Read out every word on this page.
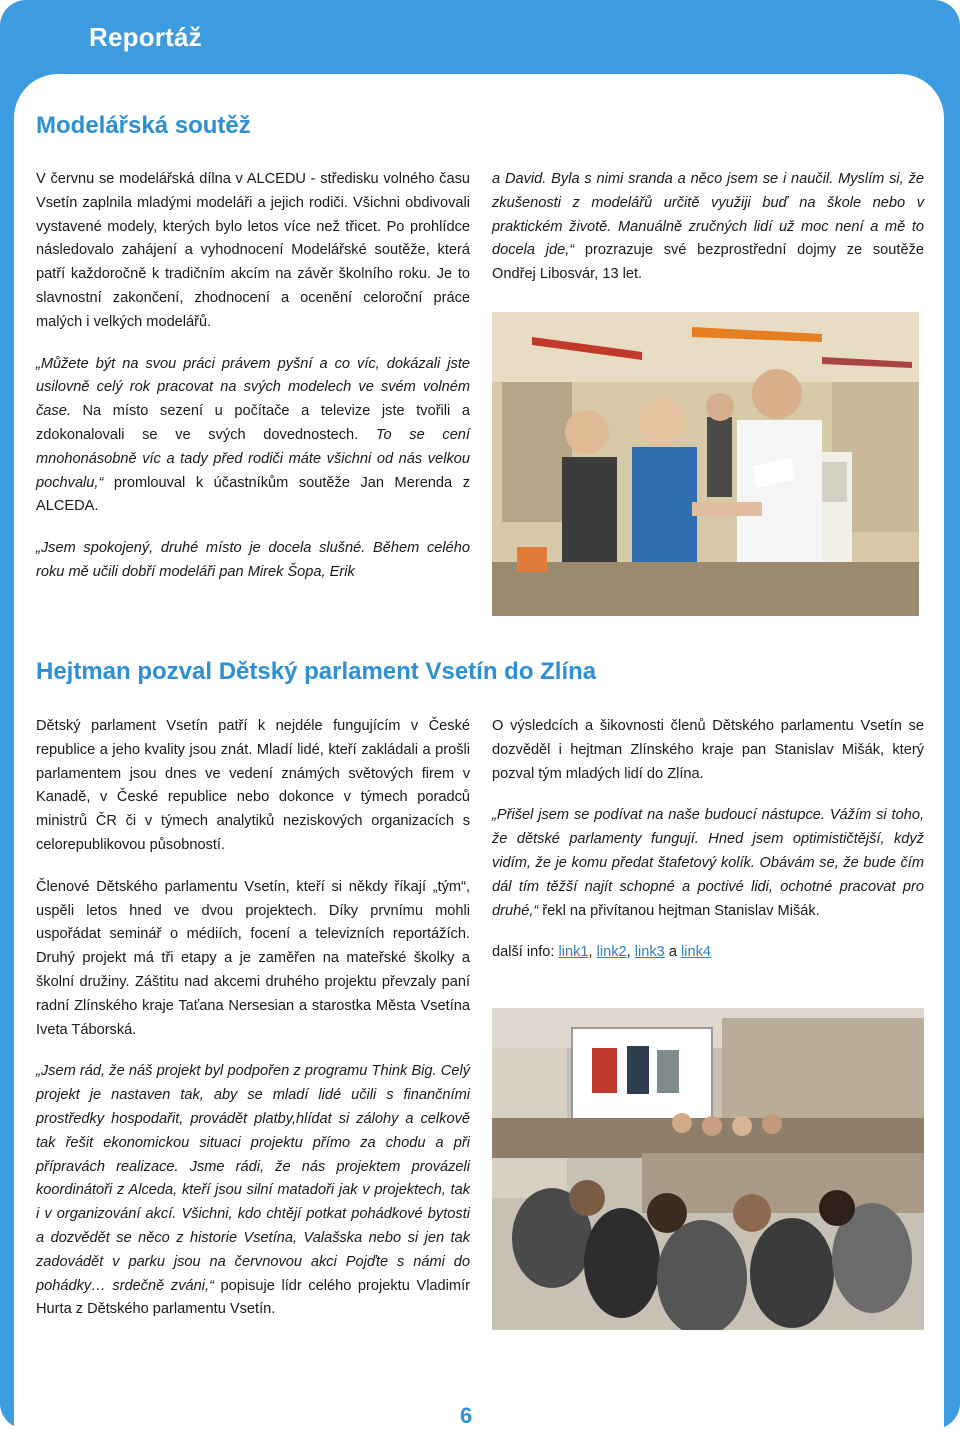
Reportáž
Modelářská soutěž

V červnu se modelářská dílna v ALCEDU - středisku volného času Vsetín zaplnila mladými modeláři a jejich rodiči. Všichni obdivovali vystavené modely, kterých bylo letos více než třicet. Po prohlídce následovalo zahájení a vyhodnocení Modelářské soutěže, která patří každoročně k tradičním akcím na závěr školního roku. Je to slavnostní zakončení, zhodnocení a ocenění celoroční práce malých i velkých modelářů.

„Můžete být na svou práci právem pyšní a co víc, dokázali jste usilovně celý rok pracovat na svých modelech ve svém volném čase. Na místo sezení u počítače a televize jste tvořili a zdokonalovali se ve svých dovednostech. To se cení mnohonásobně víc a tady před rodiči máte všichni od nás velkou pochvalu,“ promlouval k účastníkům soutěže Jan Merenda z ALCEDA.

„Jsem spokojený, druhé místo je docela slušné. Během celého roku mě učili dobří modeláři pan Mirek Šopa, Erik

a David. Byla s nimi sranda a něco jsem se i naučil. Myslím si, že zkušenosti z modelářů určitě využiji buď na škole nebo v praktickém životě. Manuálně zručných lidí už moc není a mě to docela jde,“ prozrazuje své bezprostřední dojmy ze soutěže Ondřej Libosvár, 13 let.

Hejtman pozval Dětský parlament Vsetín do Zlína

Dětský parlament Vsetín patří k nejdéle fungujícím v České republice a jeho kvality jsou znát. Mladí lidé, kteří zakládali a prošli parlamentem jsou dnes ve vedení známých světových firem v Kanadě, v České republice nebo dokonce v týmech poradců ministrů ČR či v týmech analytiků neziskových organizacích s celorepublikovou působností.

Členové Dětského parlamentu Vsetín, kteří si někdy říkají „tým“, uspěli letos hned ve dvou projektech. Díky prvnímu mohli uspořádat seminář o médiích, focení a televizních reportážích. Druhý projekt má tři etapy a je zaměřen na mateřské školky a školní družiny. Záštitu nad akcemi druhého projektu převzaly paní radní Zlínského kraje Taťana Nersesian a starostka Města Vsetína Iveta Táborská.

„Jsem rád, že náš projekt byl podpořen z programu Think Big. Celý projekt je nastaven tak, aby se mladí lidé učili s finančními prostředky hospodařit, provádět platby,hlídat si zálohy a celkově tak řešit ekonomickou situaci projektu přímo za chodu a při přípravách realizace. Jsme rádi, že nás projektem provázeli koordinátoři z Alceda, kteří jsou silní matadoři jak v projektech, tak i v organizování akcí. Všichni, kdo chtějí potkat pohádkové bytosti a dozvědět se něco z historie Vsetína, Valašska nebo si jen tak zadovádět v parku jsou na červnovou akci Pojďte s námi do pohádky… srdečně zváni,“ popisuje lídr celého projektu Vladimír Hurta z Dětského parlamentu Vsetín.

O výsledcích a šikovnosti členů Dětského parlamentu Vsetín se dozvěděl i hejtman Zlínského kraje pan Stanislav Mišák, který pozval tým mladých lidí do Zlína.

„Přišel jsem se podívat na naše budoucí nástupce. Vážím si toho, že dětské parlamenty fungují. Hned jsem optimističtější, když vidím, že je komu předat štafetový kolík. Obávám se, že bude čím dál tím těžší najít schopné a poctivé lidi, ochotné pracovat pro druhé,“ řekl na přivítanou hejtman Stanislav Mišák.

další info: link1, link2, link3 a link4

6
